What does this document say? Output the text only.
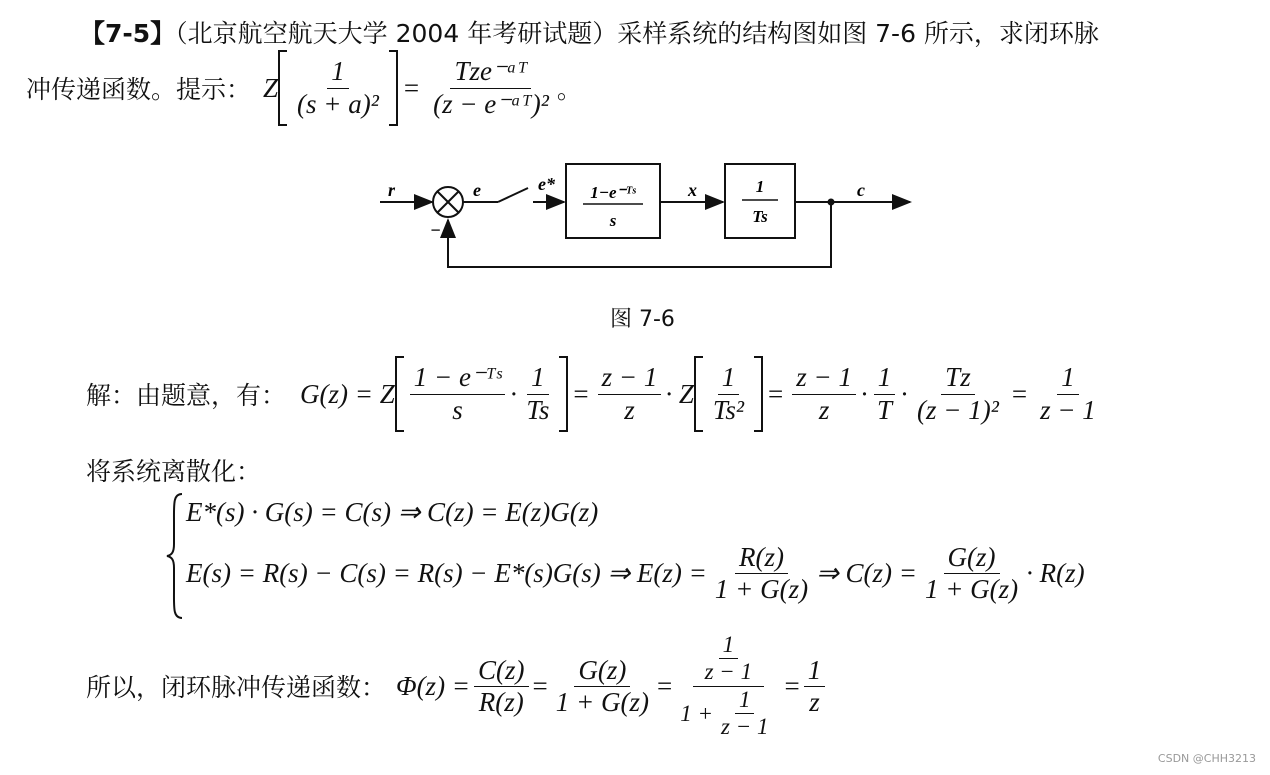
【7-5】（北京航空航天大学 2004 年考研试题）采样系统的结构图如图 7-6 所示，求闭环脉
冲传递函数。提示： Z $\frac{1}{\text{(s + a)²}} = \frac{\text{Tze⁻ᵃᵀ}}{\text{(z − e⁻ᵃᵀ)²}}$ 。
1−e⁻ᵀˢ
s
1
Ts
r	e	e*	x	c
−
图 7-6
解：由题意，有： G(z) = Z $\frac{\text{1 − e⁻ᵀˢ}}{s} \cdot \frac{1}{Ts} = \frac{z - 1}{z} \cdot Z \frac{1}{\text{Ts²}} = \frac{z - 1}{z} \cdot \frac{1}{T} \cdot \frac{Tz}{\text{(z − 1)²}} = \frac{1}{z - 1}$
将系统离散化：
E*(s) · G(s) = C(s) ⇒ C(z) = E(z)G(z)
E(s) = R(s) − C(s) = R(s) − E*(s)G(s) ⇒ $E(z) = \frac{R(z)}{1 + G(z)}$ ⇒ $C(z) = \frac{G(z)}{1 + G(z)} \cdot R(z)$
所以，闭环脉冲传递函数： $\Phi(z) = \frac{C(z)}{R(z)} = \frac{G(z)}{1 + G(z)} = \frac{\frac{1}{z - 1}}{1 + \frac{1}{z - 1}} = \frac{1}{z}$
CSDN @CHH3213
